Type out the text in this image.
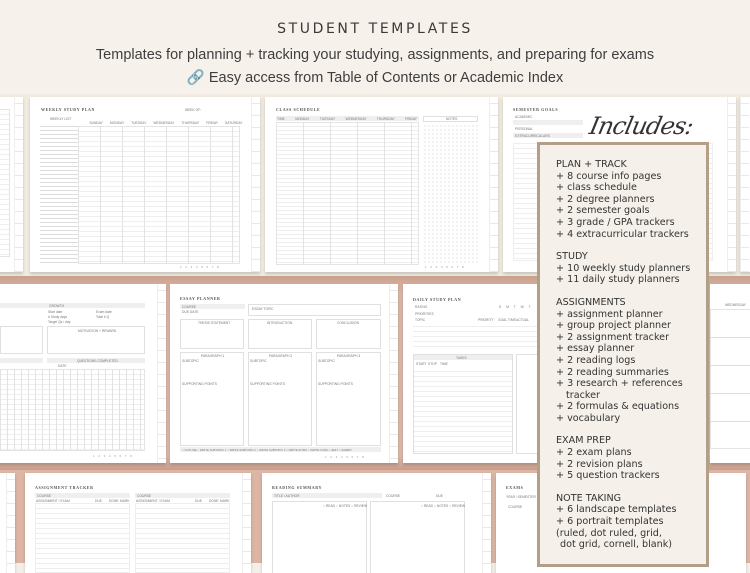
STUDENT TEMPLATES
Templates for planning + tracking your studying, assignments, and preparing for exams
🔗 Easy access from Table of Contents or Academic Index
WEEKLY STUDY PLAN	WEEK OF:
WEEKLY LIST
SUNDAY MONDAY TUESDAY WEDNESDAY THURSDAY FRIDAY SATURDAY
1 2 3 4 5 6 7 8
CLASS SCHEDULE
TIME	MONDAY	TUESDAY	WEDNESDAY	THURSDAY	FRIDAY	NOTES
1 2 3 4 5 6 7 8
SEMESTER GOALS
ACADEMIC
PERSONAL
EXTRACURRICULARS
GROWTH
Start date	Exam date
# Study days	Total # Q
Target Qs / day
MOTIVATION + REWARD
QUESTIONS COMPLETED
DATE
1 2 3 4 5 6 7 8
ESSAY PLANNER
COURSE
DUE DATE
ESSAY TOPIC
THESIS STATEMENT	INTRODUCTION	CONCLUSION
PARAGRAPH 1
SUBTOPIC
SUPPORTING POINTS
PARAGRAPH 2
SUBTOPIC
SUPPORTING POINTS
PARAGRAPH 3
SUBTOPIC
SUPPORTING POINTS
○ OUTLINE ○ WRITE SUBTOPIC 1 ○ WRITE SUBTOPIC 2 ○ WRITE SUBTOPIC 3 ○ WRITE INTRO ○ WRITE CONC ○ EDIT ○ SUBMIT
1 2 3 4 5 6 7 8
DAILY STUDY PLAN
RATING	S M T W T
PRIORITIES
TOPIC	PRIORITY GOAL TIME ACTUAL
TASKS
START STOP TIME
WEDNESDAY
ASSIGNMENT TRACKER
COURSE
ASSIGNMENT / EXAM	DUE DONE MARK
COURSE
ASSIGNMENT / EXAM	DUE DONE MARK
READING SUMMARY
TITLE / AUTHOR	COURSE	DUE
○ READ ○ NOTES ○ REVIEW	○ READ ○ NOTES ○ REVIEW
EXAMS
YEAR / SEMESTER
COURSE
PLAN + TRACK
+ 8 course info pages
+ class schedule
+ 2 degree planners
+ 2 semester goals
+ 3 grade / GPA trackers
+ 4 extracurricular trackers
STUDY
+ 10 weekly study planners
+ 11 daily study planners
ASSIGNMENTS
+ assignment planner
+ group project planner
+ 2 assignment tracker
+ essay planner
+ 2 reading logs
+ 2 reading summaries
+ 3 research + references
tracker
+ 2 formulas & equations
+ vocabulary
EXAM PREP
+ 2 exam plans
+ 2 revision plans
+ 5 question trackers
NOTE TAKING
+ 6 landscape templates
+ 6 portrait templates
(ruled, dot ruled, grid,
dot grid, cornell, blank)
Includes:
